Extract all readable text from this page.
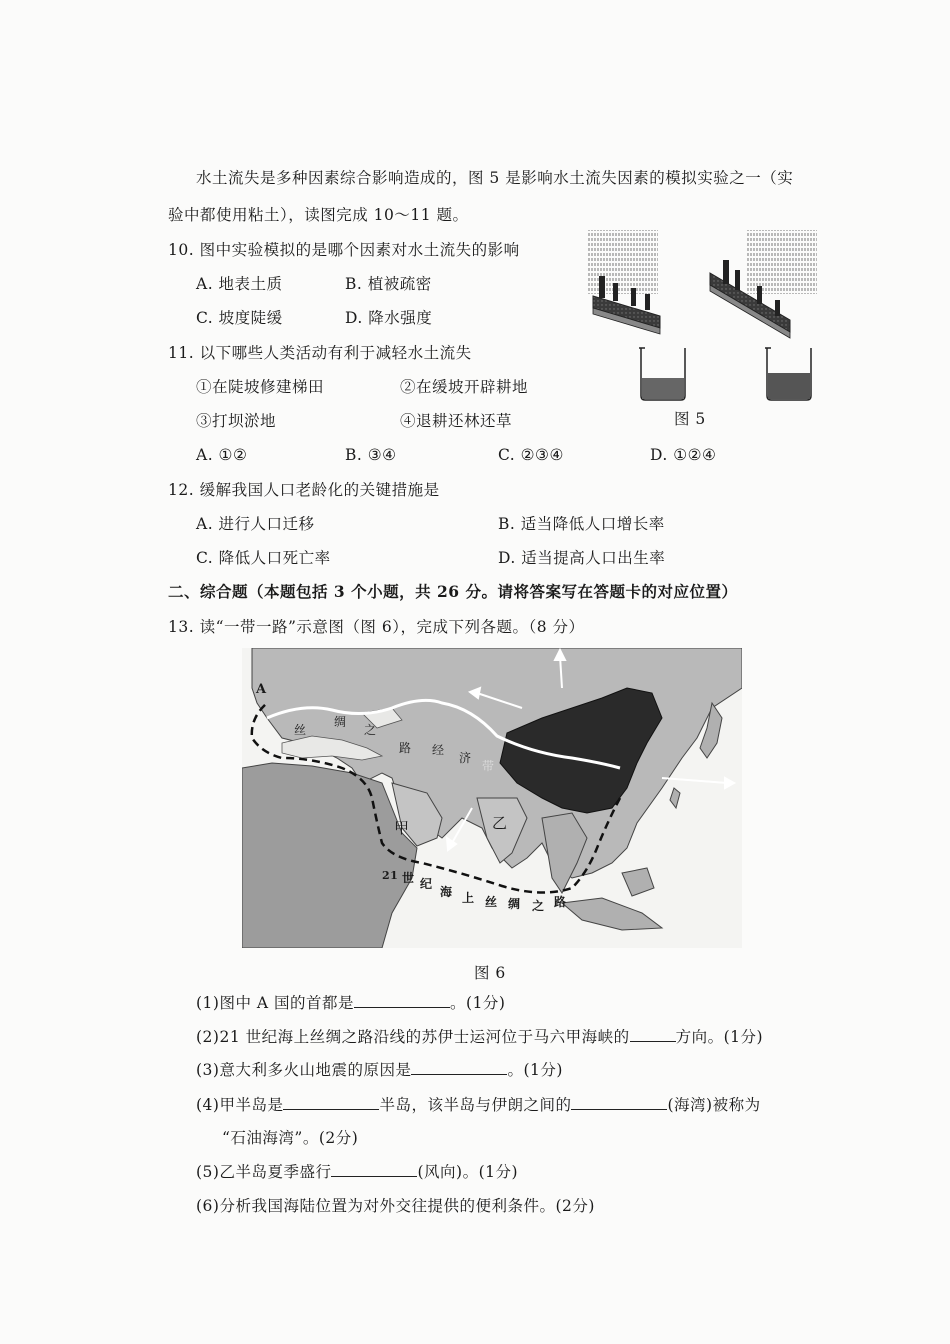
水土流失是多种因素综合影响造成的，图 5 是影响水土流失因素的模拟实验之一（实
验中都使用粘土），读图完成 10～11 题。
10. 图中实验模拟的是哪个因素对水土流失的影响
A. 地表土质	B. 植被疏密
C. 坡度陡缓	D. 降水强度
11. 以下哪些人类活动有利于减轻水土流失
①在陡坡修建梯田	②在缓坡开辟耕地
③打坝淤地	④退耕还林还草
A. ①②	B. ③④	C. ②③④	D. ①②④
图 5
12. 缓解我国人口老龄化的关键措施是
A. 进行人口迁移	B. 适当降低人口增长率
C. 降低人口死亡率	D. 适当提高人口出生率
二、综合题（本题包括 3 个小题，共 26 分。请将答案写在答题卡的对应位置）
13. 读“一带一路”示意图（图 6），完成下列各题。（8 分）
A
甲	乙
丝
绸
之
路 经
济
带
21 世 纪
海 上 丝 绸 之 路
图 6
(1)图中 A 国的首都是	。(1分)
(2)21 世纪海上丝绸之路沿线的苏伊士运河位于马六甲海峡的	方向。(1分)
(3)意大利多火山地震的原因是	。(1分)
(4)甲半岛是	半岛，该半岛与伊朗之间的	(海湾)被称为
“石油海湾”。(2分)
(5)乙半岛夏季盛行	(风向)。(1分)
(6)分析我国海陆位置为对外交往提供的便利条件。(2分)
